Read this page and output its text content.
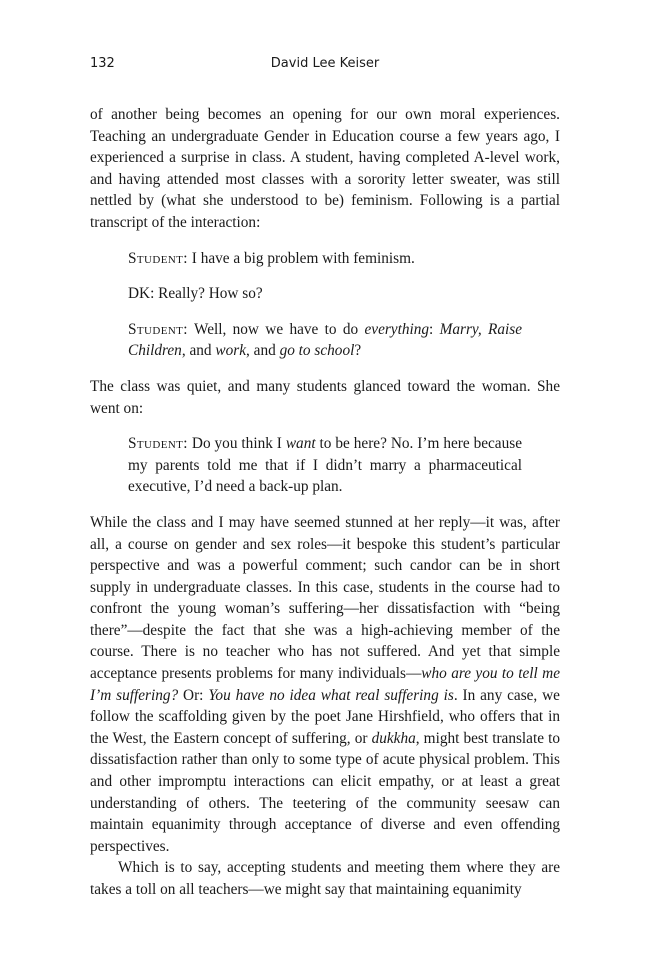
132	David Lee Keiser

of another being becomes an opening for our own moral experiences. Teaching an undergraduate Gender in Education course a few years ago, I experienced a surprise in class. A student, having completed A-level work, and having attended most classes with a sorority letter sweater, was still nettled by (what she understood to be) feminism. Following is a partial transcript of the interaction:

Student: I have a big problem with feminism.

DK: Really? How so?

Student: Well, now we have to do everything: Marry, Raise Children, and work, and go to school?

The class was quiet, and many students glanced toward the woman. She went on:

Student: Do you think I want to be here? No. I’m here because my parents told me that if I didn’t marry a pharmaceutical executive, I’d need a back-up plan.

While the class and I may have seemed stunned at her reply—it was, after all, a course on gender and sex roles—it bespoke this student’s particular perspective and was a powerful comment; such candor can be in short supply in undergraduate classes. In this case, students in the course had to confront the young woman’s suffering—her dissatisfaction with “being there”—despite the fact that she was a high-achieving member of the course. There is no teacher who has not suffered. And yet that simple acceptance presents problems for many individuals—who are you to tell me I’m suffering? Or: You have no idea what real suffering is. In any case, we follow the scaffolding given by the poet Jane Hirshfield, who offers that in the West, the Eastern concept of suffering, or dukkha, might best translate to dissatisfaction rather than only to some type of acute physical problem. This and other impromptu interactions can elicit empathy, or at least a great understanding of others. The teetering of the community seesaw can maintain equanimity through acceptance of diverse and even offending perspectives.

Which is to say, accepting students and meeting them where they are takes a toll on all teachers—we might say that maintaining equanimity
